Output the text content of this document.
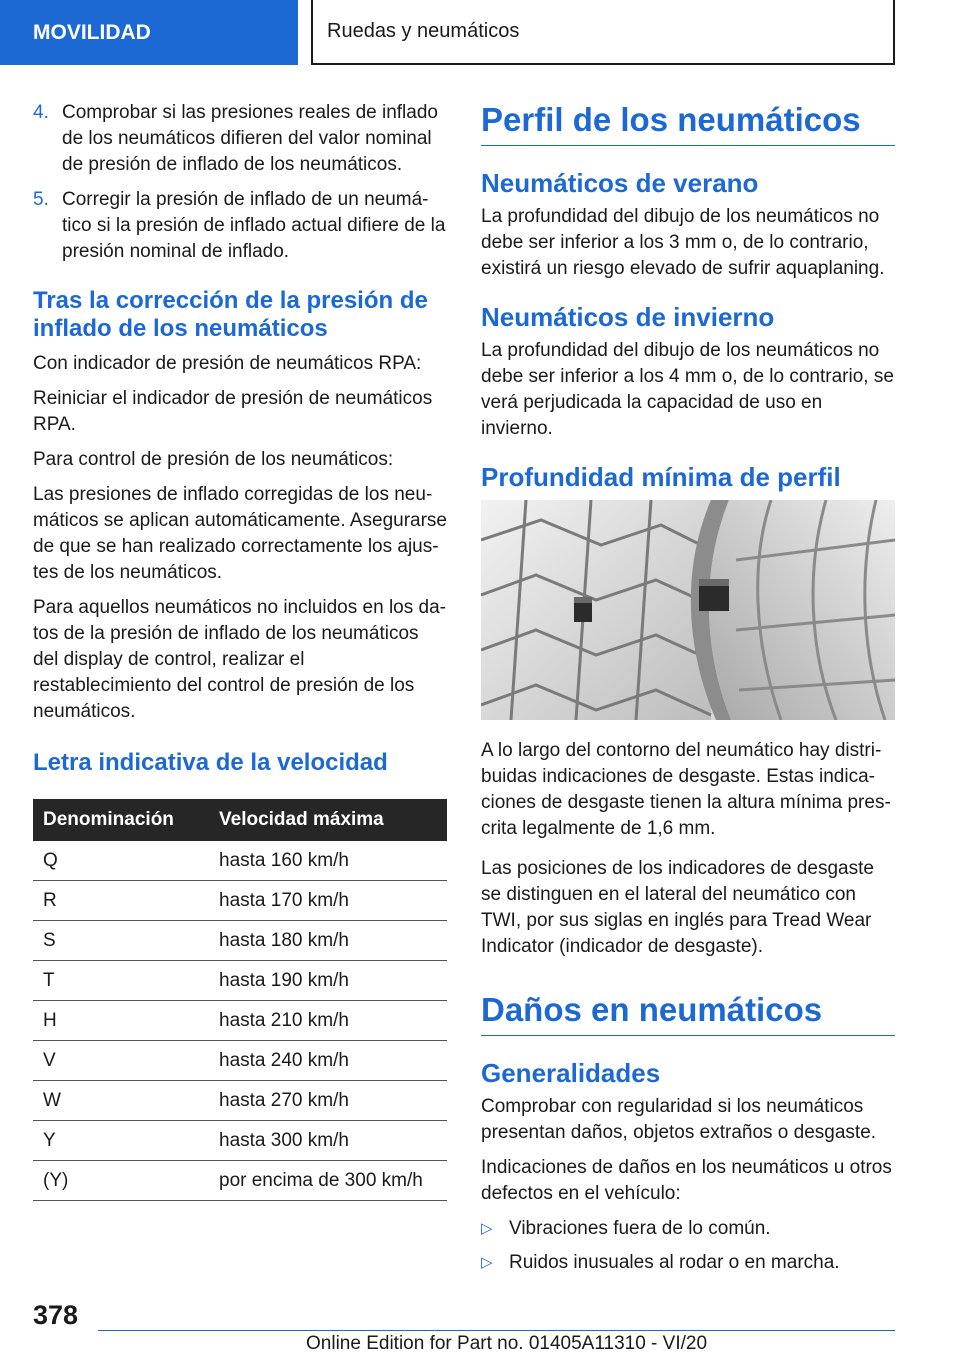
MOVILIDAD	Ruedas y neumáticos
4. Comprobar si las presiones reales de inflado de los neumáticos difieren del valor nominal de presión de inflado de los neumáticos.
5. Corregir la presión de inflado de un neumático si la presión de inflado actual difiere de la presión nominal de inflado.
Tras la corrección de la presión de inflado de los neumáticos

Con indicador de presión de neumáticos RPA:

Reiniciar el indicador de presión de neumáticos RPA.

Para control de presión de los neumáticos:

Las presiones de inflado corregidas de los neumáticos se aplican automáticamente. Asegurarse de que se han realizado correctamente los ajustes de los neumáticos.

Para aquellos neumáticos no incluidos en los datos de la presión de inflado de los neumáticos del display de control, realizar el restablecimiento del control de presión de los neumáticos.

Letra indicativa de la velocidad
Denominación	Velocidad máxima
Q	hasta 160 km/h
R	hasta 170 km/h
S	hasta 180 km/h
T	hasta 190 km/h
H	hasta 210 km/h
V	hasta 240 km/h
W	hasta 270 km/h
Y	hasta 300 km/h
(Y)	por encima de 300 km/h
Perfil de los neumáticos
Neumáticos de verano

La profundidad del dibujo de los neumáticos no debe ser inferior a los 3 mm o, de lo contrario, existirá un riesgo elevado de sufrir aquaplaning.

Neumáticos de invierno

La profundidad del dibujo de los neumáticos no debe ser inferior a los 4 mm o, de lo contrario, se verá perjudicada la capacidad de uso en invierno.

Profundidad mínima de perfil

A lo largo del contorno del neumático hay distribuidas indicaciones de desgaste. Estas indicaciones de desgaste tienen la altura mínima prescrita legalmente de 1,6 mm.

Las posiciones de los indicadores de desgaste se distinguen en el lateral del neumático con TWI, por sus siglas en inglés para Tread Wear Indicator (indicador de desgaste).

Daños en neumáticos
Generalidades

Comprobar con regularidad si los neumáticos presentan daños, objetos extraños o desgaste.

Indicaciones de daños en los neumáticos u otros defectos en el vehículo:

▷ Vibraciones fuera de lo común.
▷ Ruidos inusuales al rodar o en marcha.
378
Online Edition for Part no. 01405A11310 - VI/20
